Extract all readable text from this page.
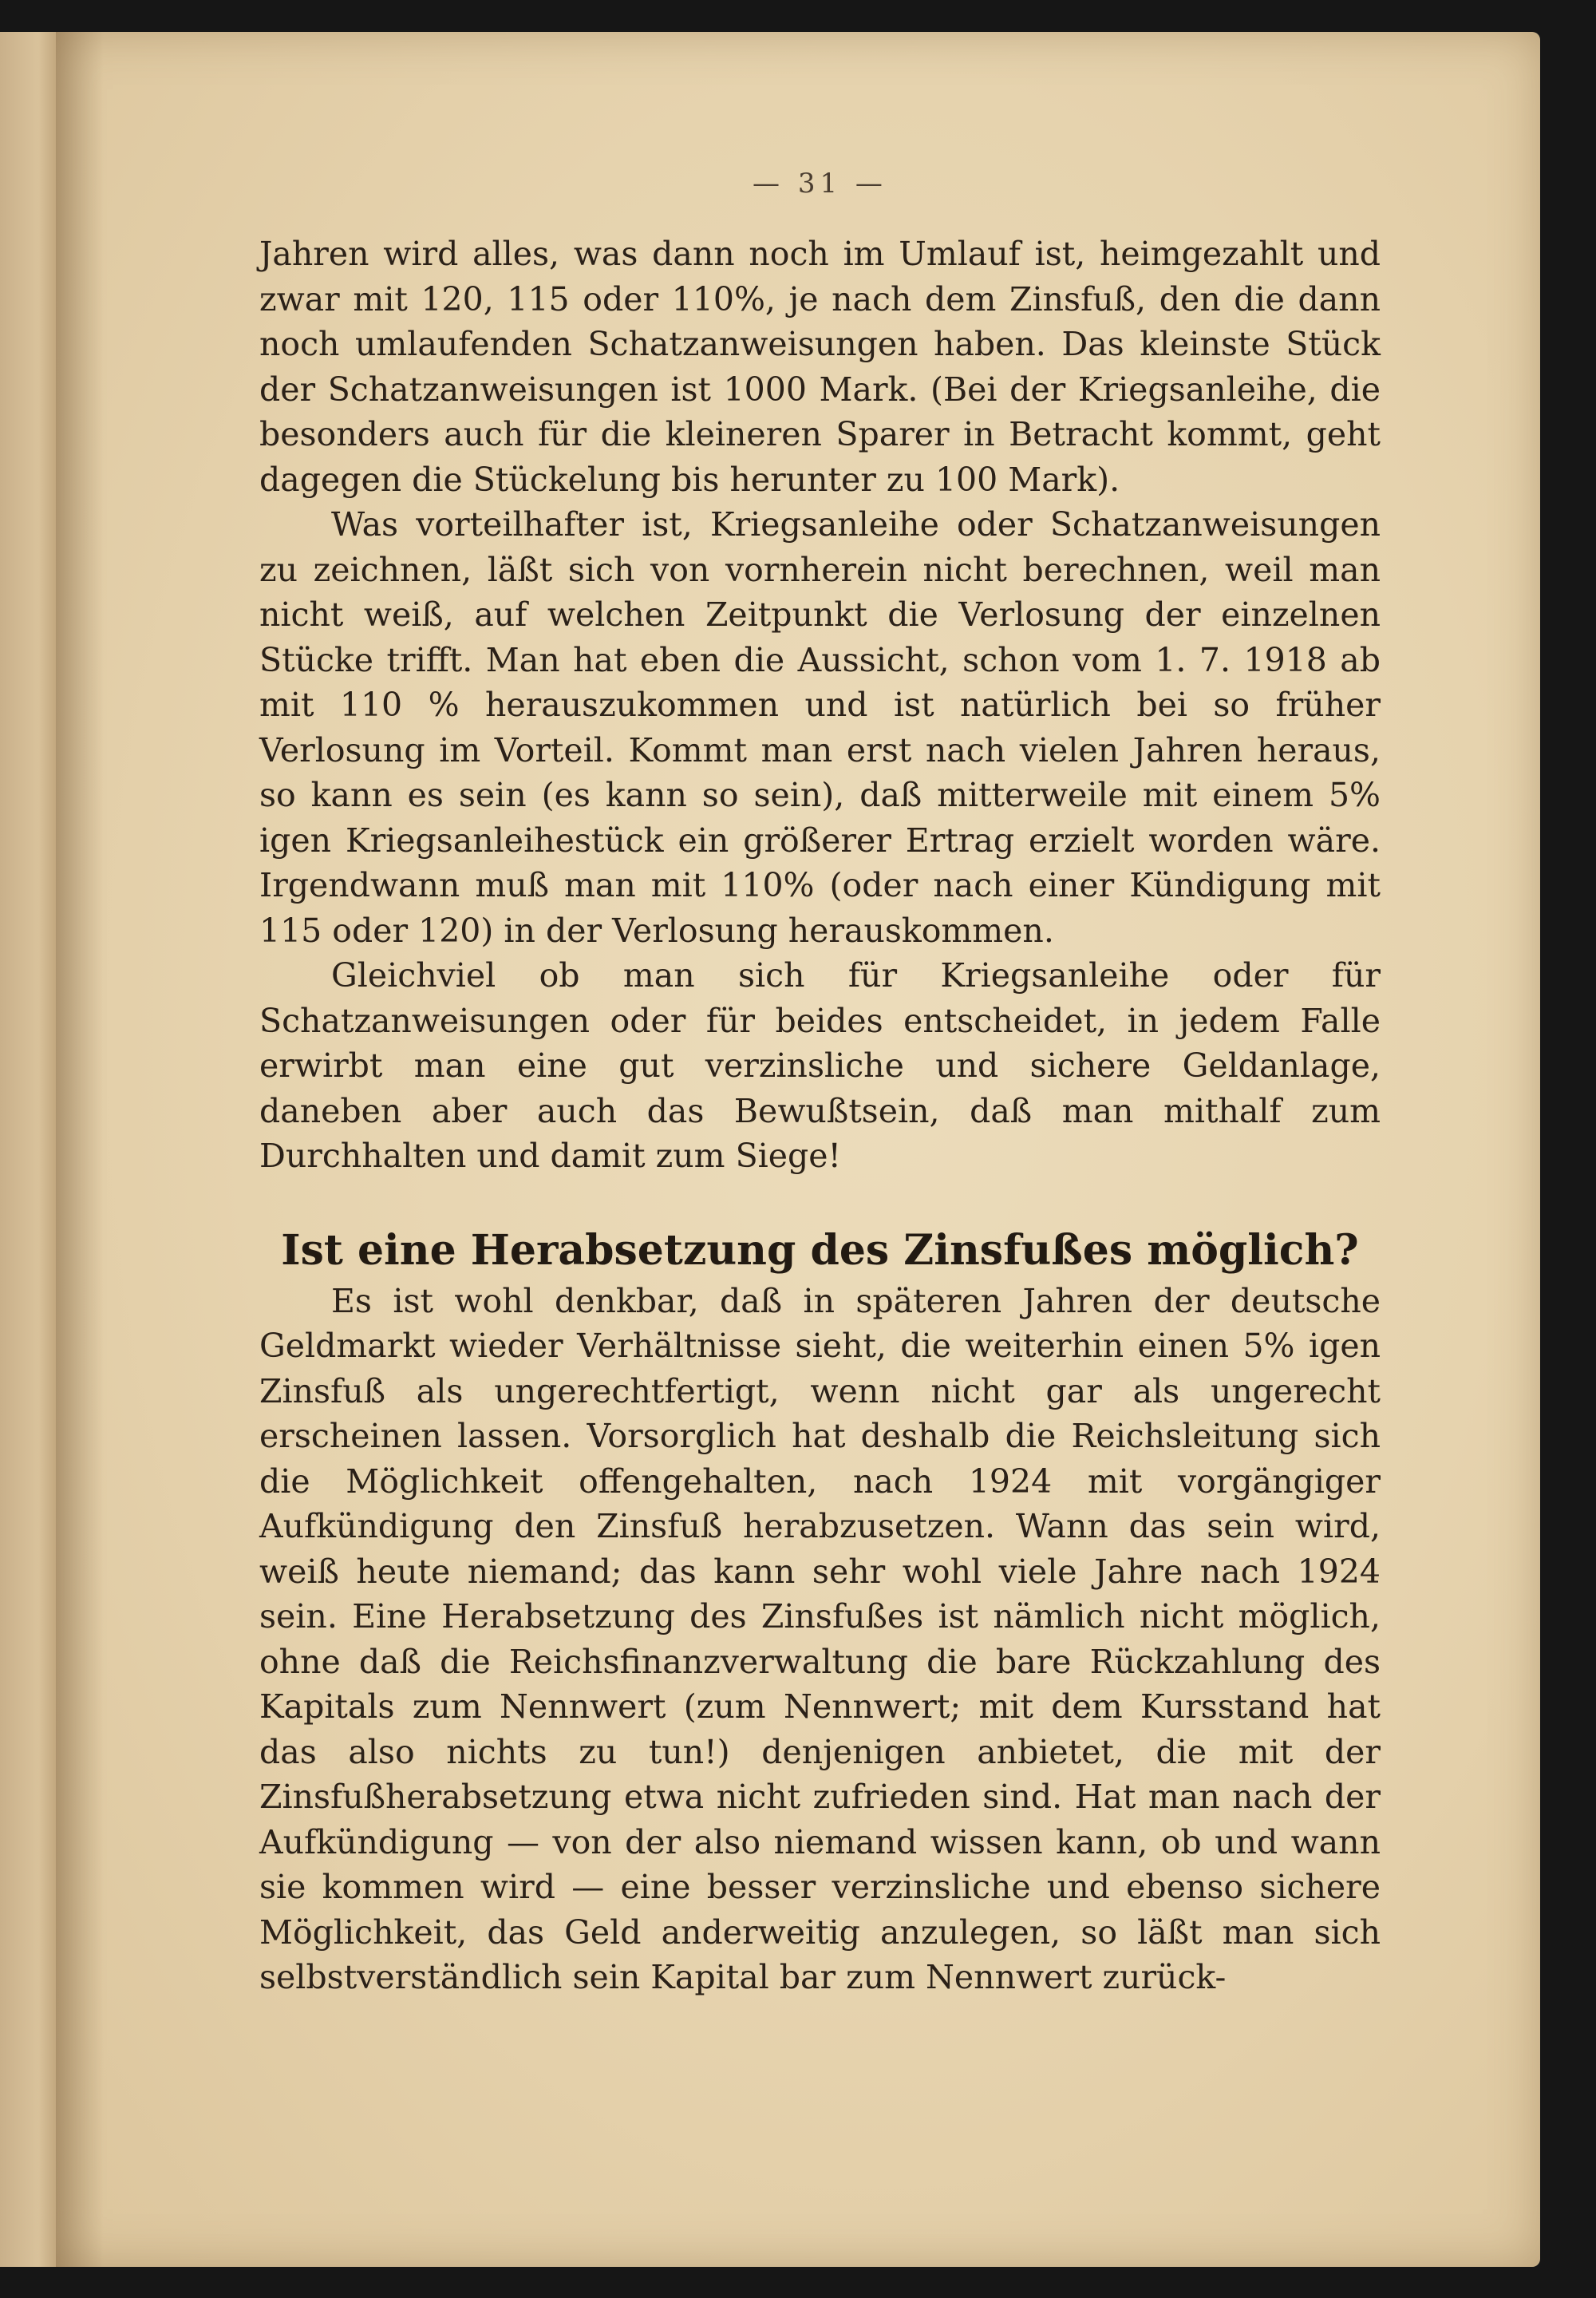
— 31 —

Jahren wird alles, was dann noch im Umlauf ist, heimgezahlt und zwar mit 120, 115 oder 110%, je nach dem Zinsfuß, den die dann noch umlaufenden Schatzanweisungen haben. Das kleinste Stück der Schatzanweisungen ist 1000 Mark. (Bei der Kriegsanleihe, die besonders auch für die kleineren Sparer in Betracht kommt, geht dagegen die Stückelung bis herunter zu 100 Mark).

Was vorteilhafter ist, Kriegsanleihe oder Schatzanweisungen zu zeichnen, läßt sich von vornherein nicht berechnen, weil man nicht weiß, auf welchen Zeitpunkt die Verlosung der einzelnen Stücke trifft. Man hat eben die Aussicht, schon vom 1. 7. 1918 ab mit 110 % herauszukommen und ist natürlich bei so früher Verlosung im Vorteil. Kommt man erst nach vielen Jahren heraus, so kann es sein (es kann so sein), daß mitterweile mit einem 5% igen Kriegsanleihestück ein größerer Ertrag erzielt worden wäre. Irgendwann muß man mit 110% (oder nach einer Kündigung mit 115 oder 120) in der Verlosung herauskommen.

Gleichviel ob man sich für Kriegsanleihe oder für Schatzanweisungen oder für beides entscheidet, in jedem Falle erwirbt man eine gut verzinsliche und sichere Geldanlage, daneben aber auch das Bewußtsein, daß man mithalf zum Durchhalten und damit zum Siege!

Ist eine Herabsetzung des Zinsfußes möglich?

Es ist wohl denkbar, daß in späteren Jahren der deutsche Geldmarkt wieder Verhältnisse sieht, die weiterhin einen 5% igen Zinsfuß als ungerechtfertigt, wenn nicht gar als ungerecht erscheinen lassen. Vorsorglich hat deshalb die Reichsleitung sich die Möglichkeit offengehalten, nach 1924 mit vorgängiger Aufkündigung den Zinsfuß herabzusetzen. Wann das sein wird, weiß heute niemand; das kann sehr wohl viele Jahre nach 1924 sein. Eine Herabsetzung des Zinsfußes ist nämlich nicht möglich, ohne daß die Reichsfinanzverwaltung die bare Rückzahlung des Kapitals zum Nennwert (zum Nennwert; mit dem Kursstand hat das also nichts zu tun!) denjenigen anbietet, die mit der Zinsfußherabsetzung etwa nicht zufrieden sind. Hat man nach der Aufkündigung — von der also niemand wissen kann, ob und wann sie kommen wird — eine besser verzinsliche und ebenso sichere Möglichkeit, das Geld anderweitig anzulegen, so läßt man sich selbstverständlich sein Kapital bar zum Nennwert zurück-
